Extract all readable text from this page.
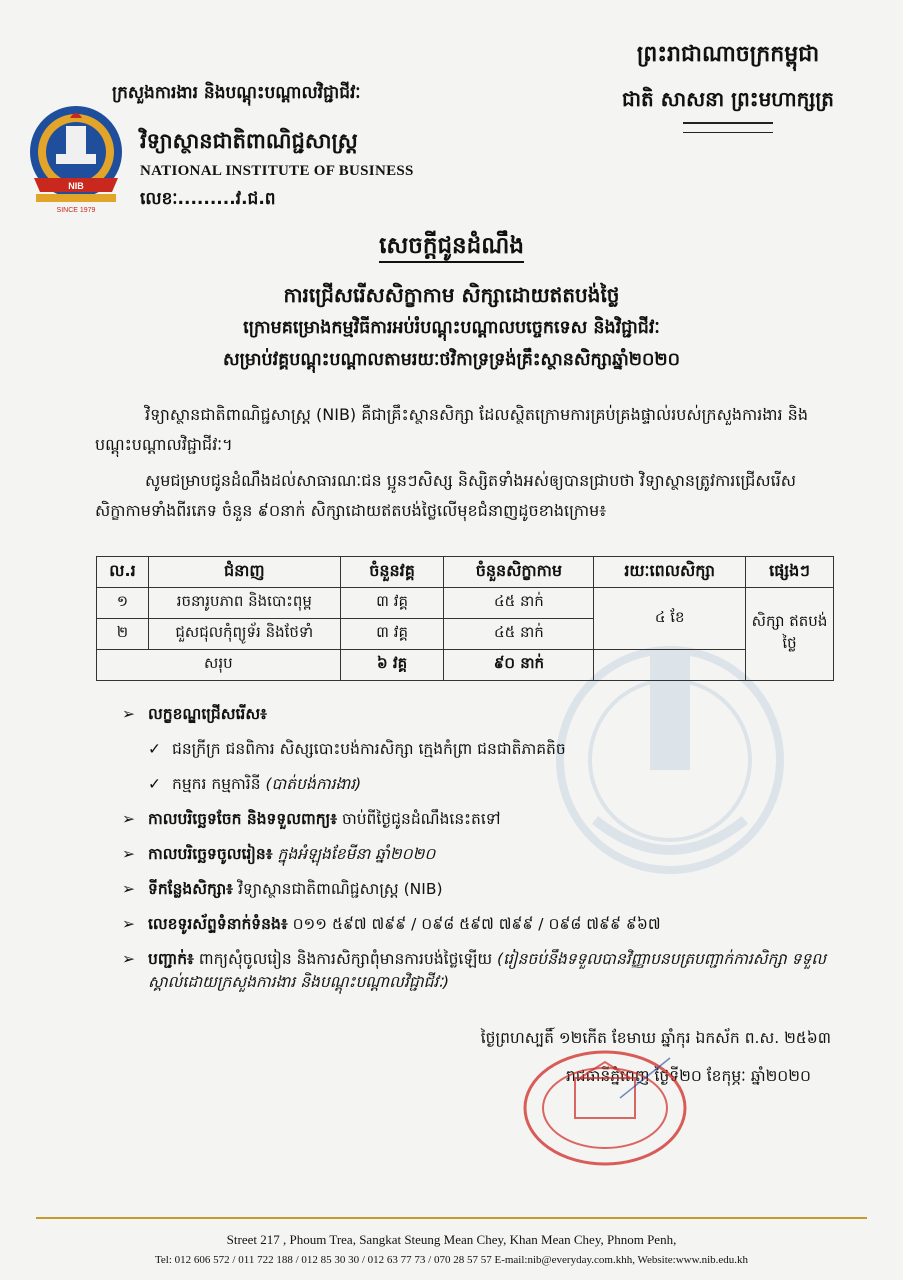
ព្រះរាជាណាចក្រកម្ពុជា
ជាតិ សាសនា ព្រះមហាក្សត្រ
ក្រសួងការងារ និងបណ្តុះបណ្តាលវិជ្ជាជីវៈ
NIB
SINCE 1979
វិទ្យាស្ថានជាតិពាណិជ្ជសាស្ត្រ
NATIONAL INSTITUTE OF BUSINESS
លេខៈ.........វ.ជ.ព
សេចក្តីជូនដំណឹង
ការជ្រើសរើសសិក្ខាកាម សិក្សាដោយឥតបង់ថ្លៃ
ក្រោមគម្រោងកម្មវិធីការអប់រំបណ្តុះបណ្តាលបច្ចេកទេស និងវិជ្ជាជីវៈ
សម្រាប់វគ្គបណ្តុះបណ្តាលតាមរយៈថវិកាទ្រទ្រង់គ្រឹះស្ថានសិក្សាឆ្នាំ២០២០
វិទ្យាស្ថានជាតិពាណិជ្ជសាស្ត្រ (NIB) គឺជាគ្រឹះស្ថានសិក្សា ដែលស្ថិតក្រោមការគ្រប់គ្រងផ្ទាល់របស់ក្រសួងការងារ និងបណ្តុះបណ្តាលវិជ្ជាជីវៈ។
សូមជម្រាបជូនដំណឹងដល់សាធារណៈជន ប្អូនៗសិស្ស និស្សិតទាំងអស់ឲ្យបានជ្រាបថា វិទ្យាស្ថានត្រូវការជ្រើសរើសសិក្ខាកាមទាំងពីរភេទ ចំនួន ៩០នាក់ សិក្សាដោយឥតបង់ថ្លៃលើមុខជំនាញដូចខាងក្រោម៖
ល.រ	ជំនាញ	ចំនួនវគ្គ	ចំនួនសិក្ខាកាម	រយៈពេលសិក្សា	ផ្សេងៗ
១	រចនារូបភាព និងបោះពុម្ព	៣ វគ្គ	៤៥ នាក់	៤ ខែ	សិក្សា ឥតបង់ថ្លៃ
២	ជួសជុលកុំព្យូទ័រ និងថែទាំ	៣ វគ្គ	៤៥ នាក់		
សរុប		៦ វគ្គ	៩០ នាក់		
➢ លក្ខខណ្ឌជ្រើសរើស៖
✓ ជនក្រីក្រ ជនពិការ សិស្សបោះបង់ការសិក្សា ក្មេងកំព្រា ជនជាតិភាគតិច
✓ កម្មករ កម្មការិនី (បាត់បង់ការងារ)
➢ កាលបរិច្ឆេទចែក និងទទួលពាក្យ៖ ចាប់ពីថ្ងៃជូនដំណឹងនេះតទៅ
➢ កាលបរិច្ឆេទចូលរៀន៖ ក្នុងអំឡុងខែមីនា ឆ្នាំ២០២០
➢ ទីកន្លែងសិក្សា៖ វិទ្យាស្ថានជាតិពាណិជ្ជសាស្ត្រ (NIB)
➢ លេខទូរស័ព្ទទំនាក់ទំនង៖ ០១១ ៥៩៧ ៧៩៩ / ០៩៨ ៥៩៧ ៧៩៩ / ០៩៨ ៧៩៩ ៩៦៧
➢ បញ្ជាក់៖ ពាក្យសុំចូលរៀន និងការសិក្សាពុំមានការបង់ថ្លៃឡើយ (រៀនចប់នឹងទទួលបានវិញ្ញាបនបត្របញ្ជាក់ការសិក្សា ទទួលស្គាល់ដោយក្រសួងការងារ និងបណ្តុះបណ្តាលវិជ្ជាជីវៈ)
ថ្ងៃព្រហស្បតិ៍ ១២កើត ខែមាឃ ឆ្នាំកុរ ឯកស័ក ព.ស. ២៥៦៣
រាជធានីភ្នំពេញ ថ្ងៃទី២០ ខែកុម្ភៈ ឆ្នាំ២០២០
Street 217 , Phoum Trea, Sangkat Steung Mean Chey, Khan Mean Chey, Phnom Penh,
Tel: 012 606 572 / 011 722 188 / 012 85 30 30 / 012 63 77 73 / 070 28 57 57 E-mail:nib@everyday.com.khh, Website:www.nib.edu.kh
